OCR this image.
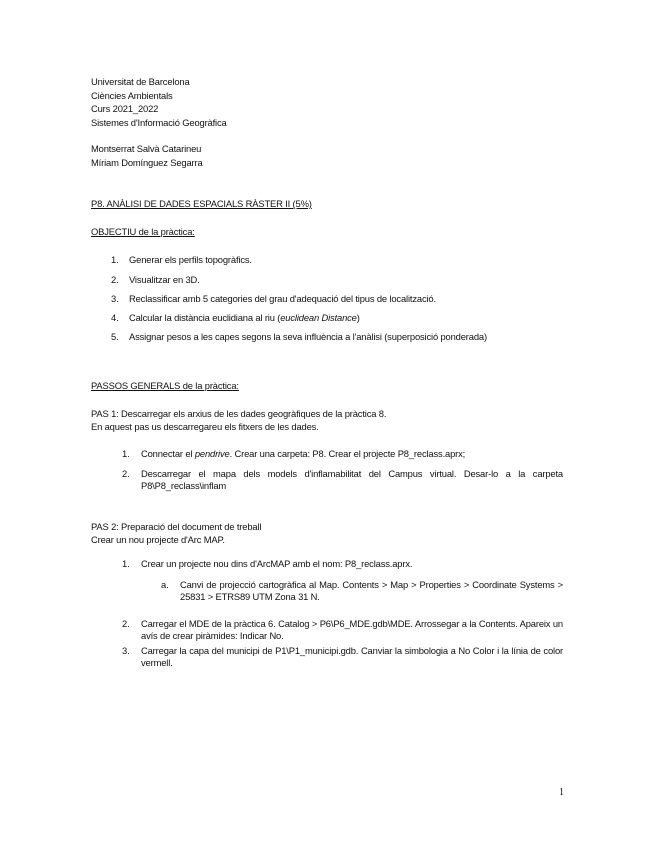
Universitat de Barcelona
Ciències Ambientals
Curs 2021_2022
Sistemes d'Informació Geogràfica
Montserrat Salvà Catarineu
Míriam Domínguez Segarra
P8. ANÀLISI DE DADES ESPACIALS RÀSTER II (5%)
OBJECTIU de la pràctica:
1. Generar els perfils topogràfics.
2. Visualitzar en 3D.
3. Reclassificar amb 5 categories del grau d'adequació del tipus de localització.
4. Calcular la distància euclidiana al riu (euclidean Distance)
5. Assignar pesos a les capes segons la seva influència a l'anàlisi (superposició ponderada)
PASSOS GENERALS de la pràctica:
PAS 1: Descarregar els arxius de les dades geogràfiques de la pràctica 8.
En aquest pas us descarregareu els fitxers de les dades.
1. Connectar el pendrive. Crear una carpeta: P8. Crear el projecte P8_reclass.aprx;
2. Descarregar el mapa dels models d'inflamabilitat del Campus virtual. Desar-lo a la carpeta P8\P8_reclass\inflam
PAS 2: Preparació del document de treball
Crear un nou projecte d'Arc MAP.
1. Crear un projecte nou dins d'ArcMAP amb el nom: P8_reclass.aprx.
a. Canvi de projecció cartogràfica al Map. Contents > Map > Properties > Coordinate Systems > 25831 > ETRS89 UTM Zona 31 N.
2. Carregar el MDE de la pràctica 6. Catalog > P6\P6_MDE.gdb\MDE. Arrossegar a la Contents. Apareix un avís de crear piràmides: Indicar No.
3. Carregar la capa del municipi de P1\P1_municipi.gdb. Canviar la simbologia a No Color i la línia de color vermell.
1
